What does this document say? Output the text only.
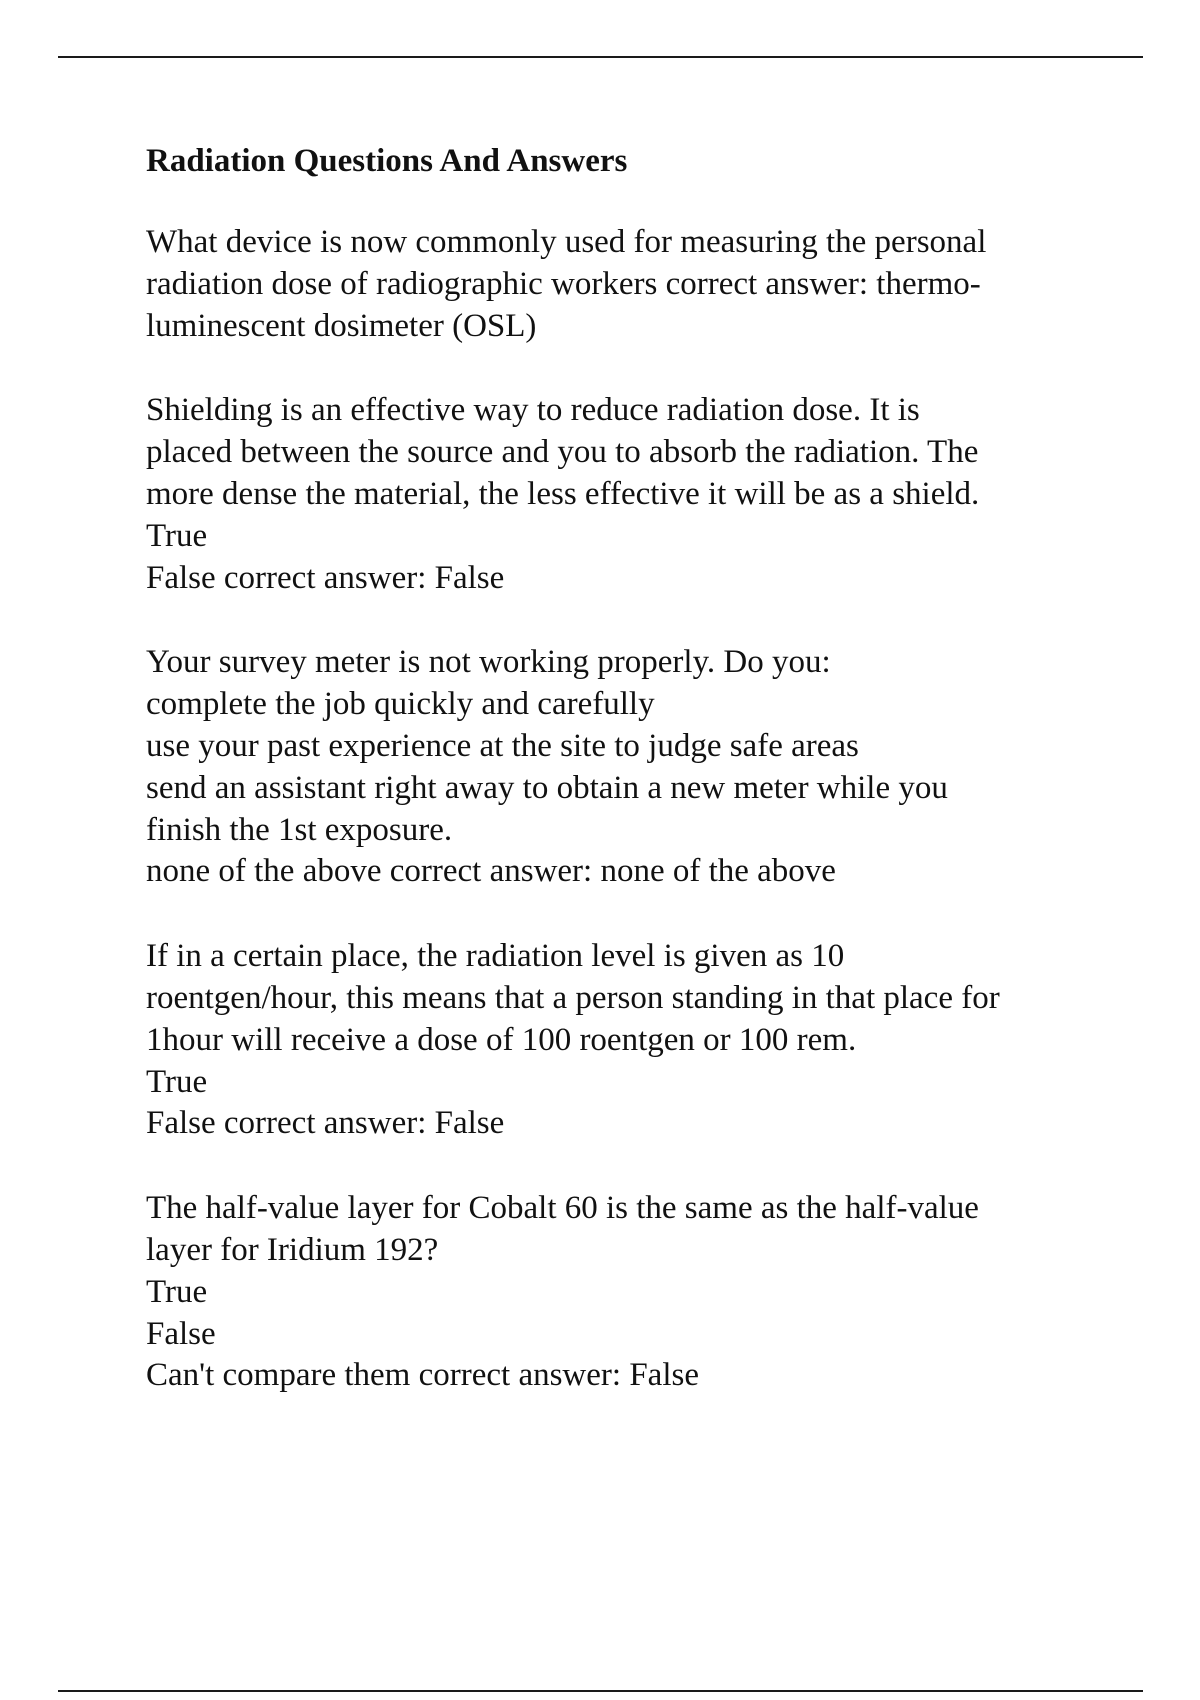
Radiation Questions And Answers
What device is now commonly used for measuring the personal
radiation dose of radiographic workers correct answer: thermo-
luminescent dosimeter (OSL)
Shielding is an effective way to reduce radiation dose. It is
placed between the source and you to absorb the radiation. The
more dense the material, the less effective it will be as a shield.
True
False correct answer: False
Your survey meter is not working properly. Do you:
complete the job quickly and carefully
use your past experience at the site to judge safe areas
send an assistant right away to obtain a new meter while you
finish the 1st exposure.
none of the above correct answer: none of the above
If in a certain place, the radiation level is given as 10
roentgen/hour, this means that a person standing in that place for
1hour will receive a dose of 100 roentgen or 100 rem.
True
False correct answer: False
The half-value layer for Cobalt 60 is the same as the half-value
layer for Iridium 192?
True
False
Can't compare them correct answer: False
